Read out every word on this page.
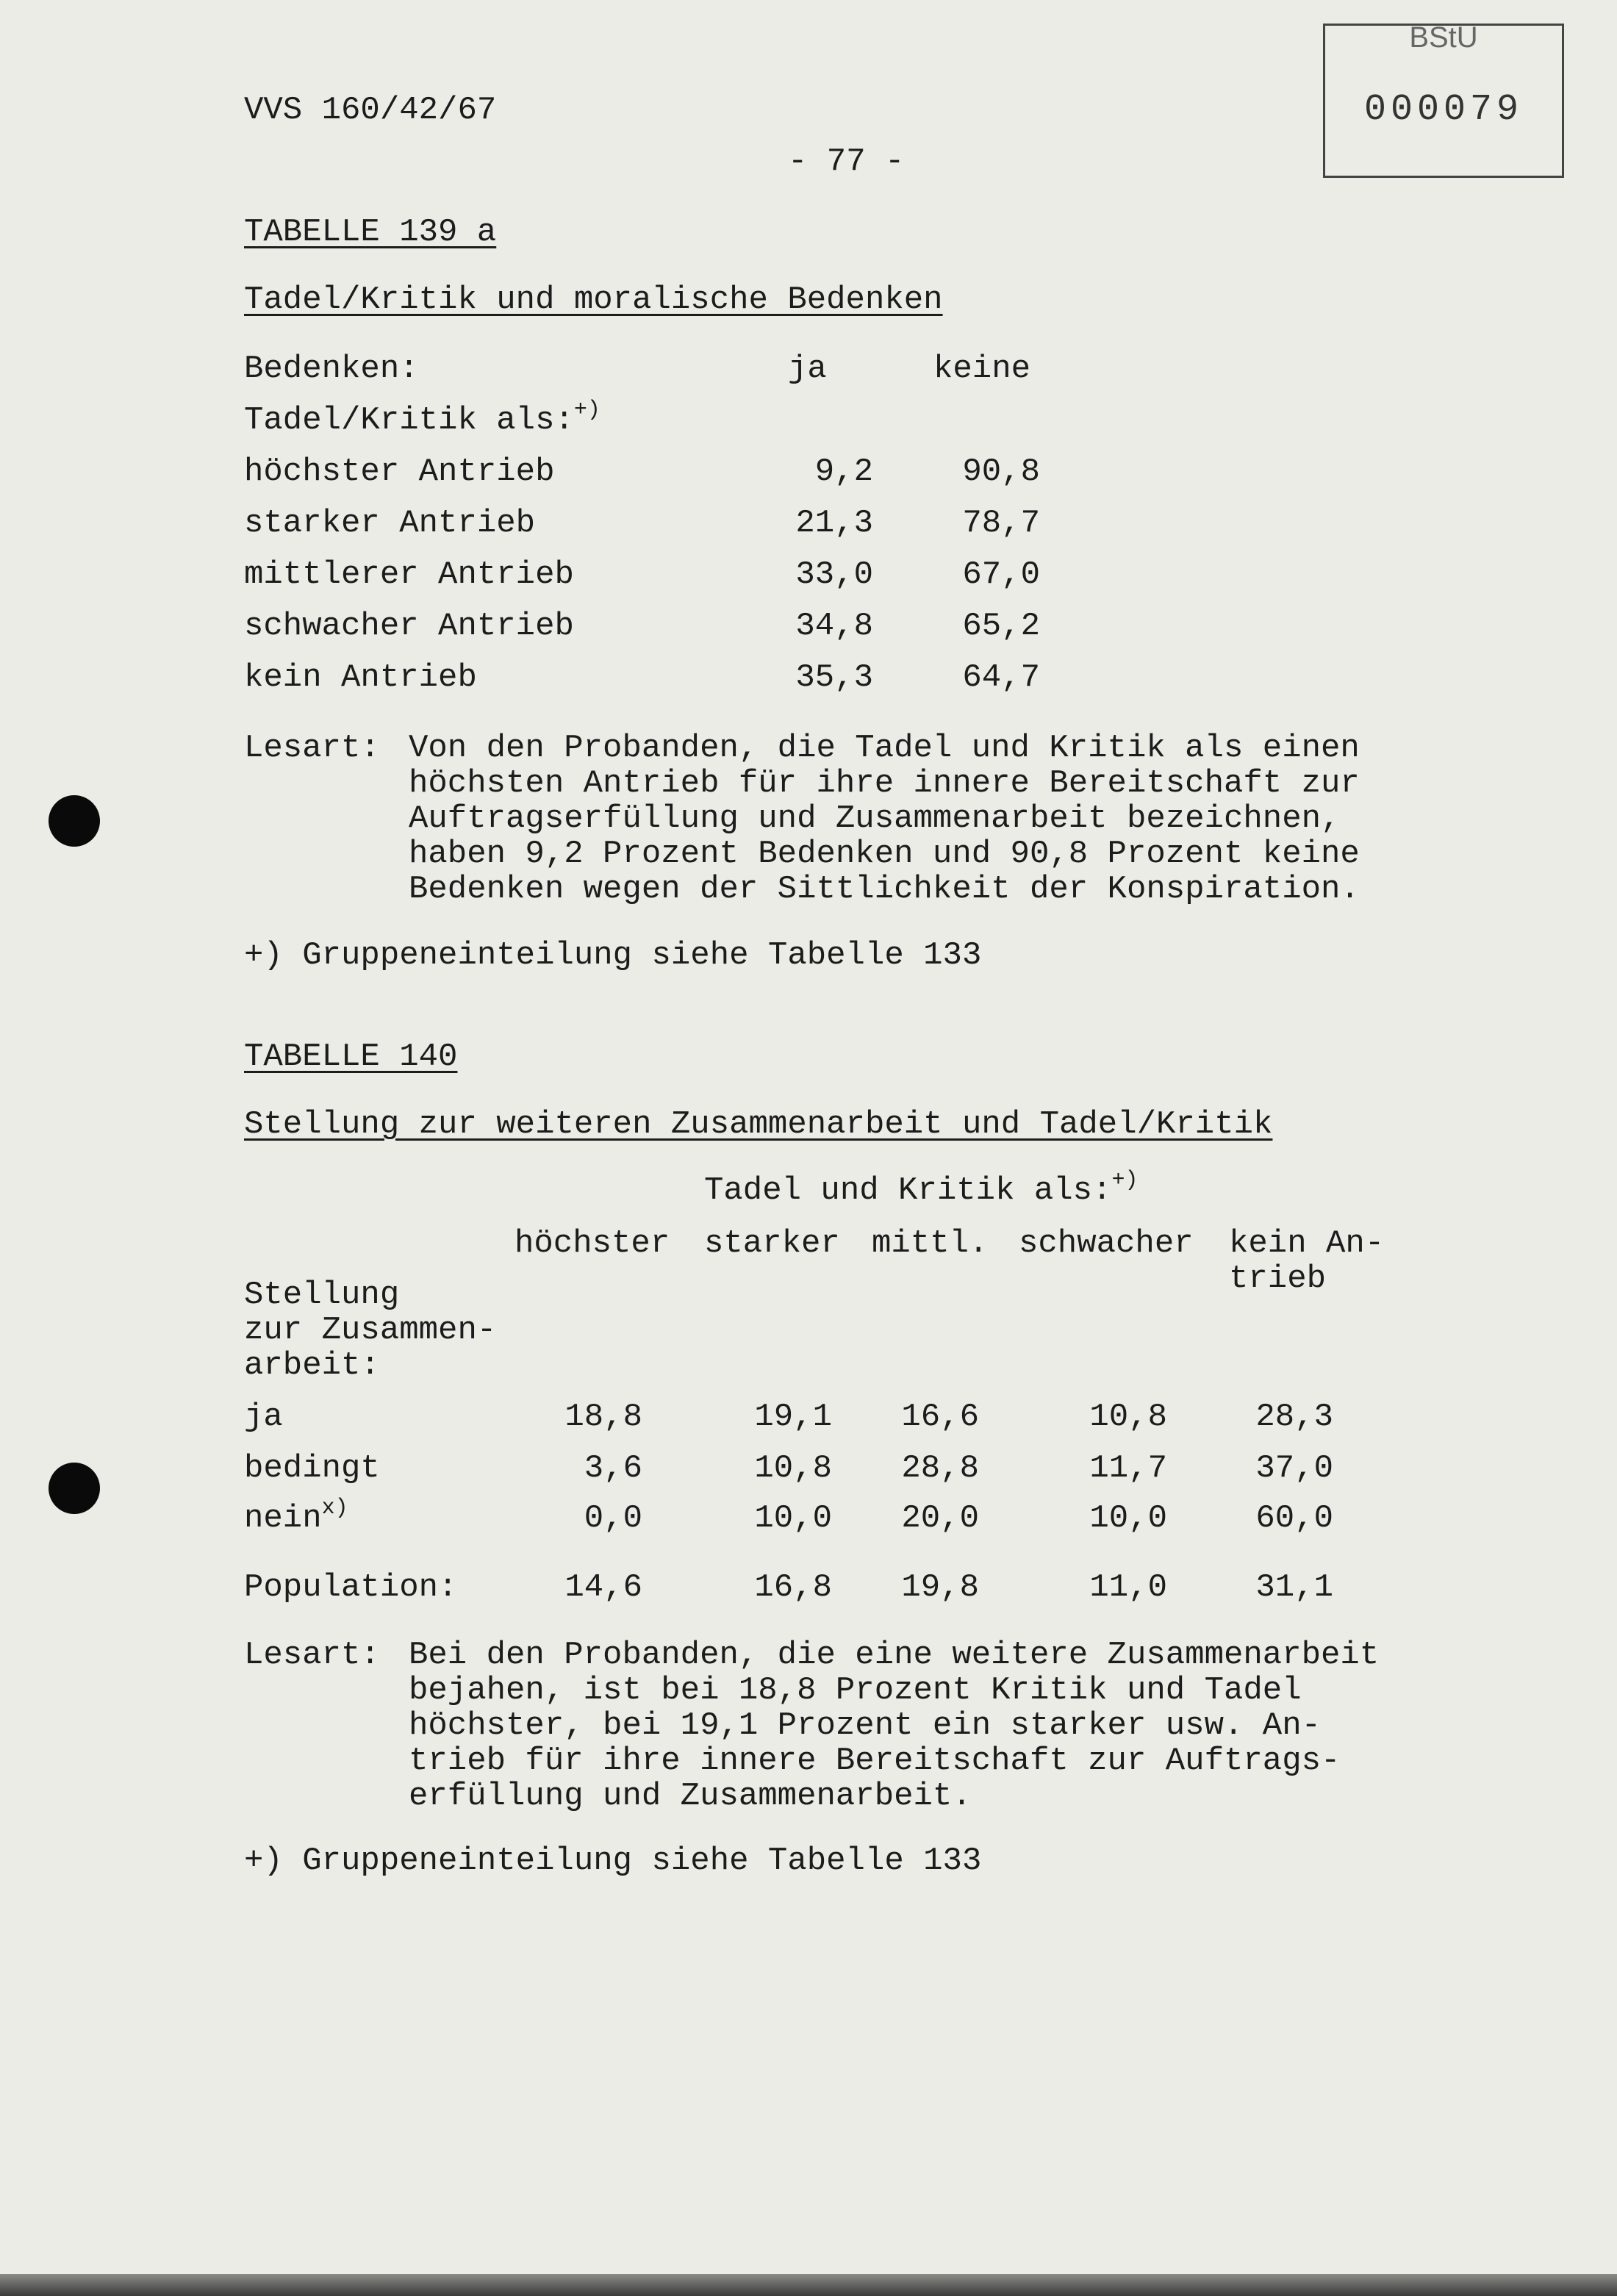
VVS 160/42/67
- 77 -
BStU
000079
TABELLE 139 a
Tadel/Kritik und moralische Bedenken
Bedenken:	ja	keine
Tadel/Kritik als:+)
höchster Antrieb	9,2	90,8
starker Antrieb	21,3	78,7
mittlerer Antrieb	33,0	67,0
schwacher Antrieb	34,8	65,2
kein Antrieb	35,3	64,7
Lesart: Von den Probanden, die Tadel und Kritik als einen
höchsten Antrieb für ihre innere Bereitschaft zur
Auftragserfüllung und Zusammenarbeit bezeichnen,
haben 9,2 Prozent Bedenken und 90,8 Prozent keine
Bedenken wegen der Sittlichkeit der Konspiration.
+) Gruppeneinteilung siehe Tabelle 133
TABELLE 140
Stellung zur weiteren Zusammenarbeit und Tadel/Kritik
Tadel und Kritik als:+)
höchster starker mittl. schwacher kein An-
trieb
Stellung
zur Zusammen-
arbeit:
ja	18,8	19,1	16,6	10,8	28,3
bedingt	3,6	10,8	28,8	11,7	37,0
nein$^{x)}$	0,0	10,0	20,0	10,0	60,0
Population:	14,6	16,8	19,8	11,0	31,1
Lesart: Bei den Probanden, die eine weitere Zusammenarbeit
bejahen, ist bei 18,8 Prozent Kritik und Tadel
höchster, bei 19,1 Prozent ein starker usw. An-
trieb für ihre innere Bereitschaft zur Auftrags-
erfüllung und Zusammenarbeit.
+) Gruppeneinteilung siehe Tabelle 133
